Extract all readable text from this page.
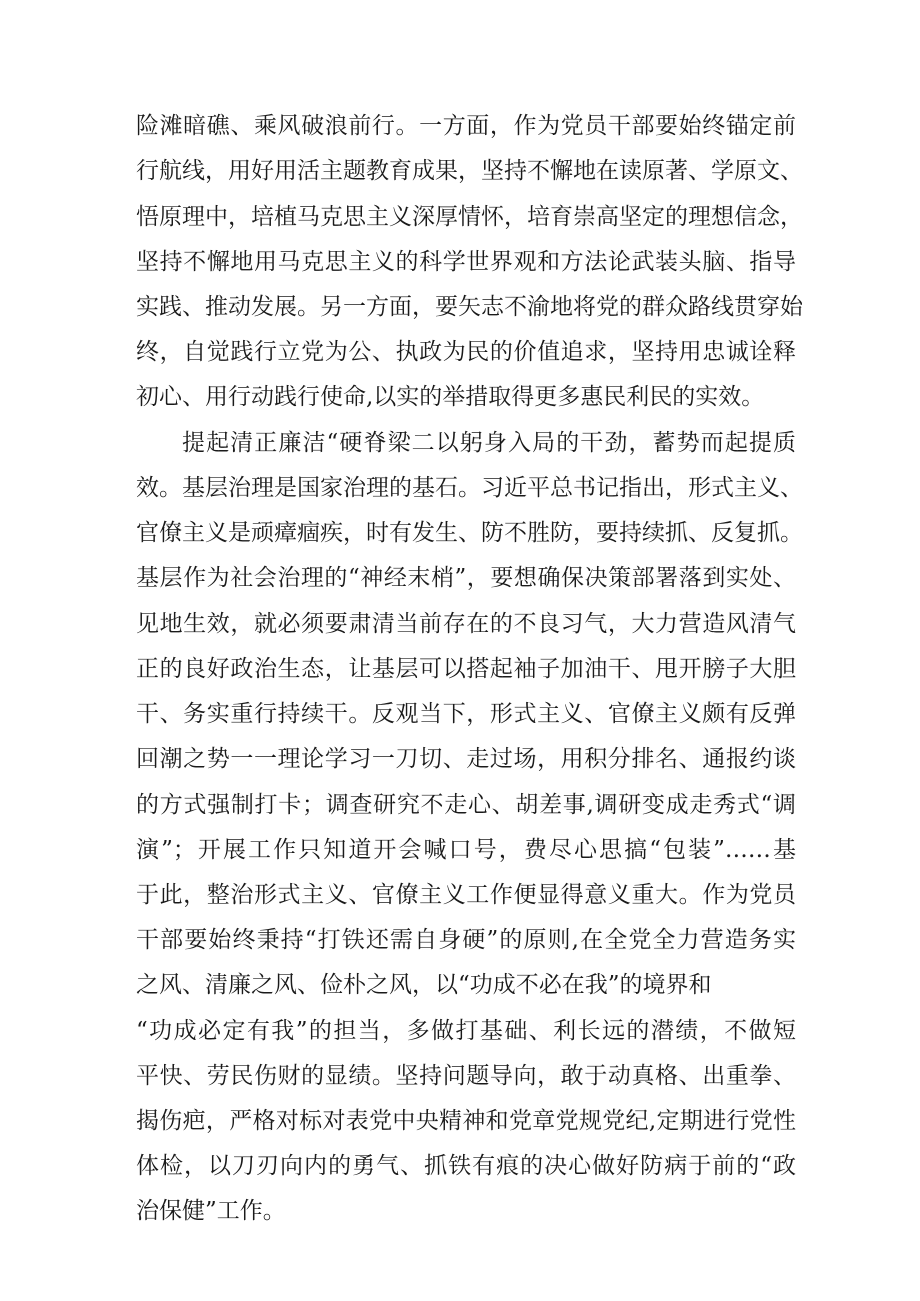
险滩暗礁、乘风破浪前行。一方面，作为党员干部要始终锚定前
行航线，用好用活主题教育成果，坚持不懈地在读原著、学原文、
悟原理中，培植马克思主义深厚情怀，培育崇高坚定的理想信念，
坚持不懈地用马克思主义的科学世界观和方法论武装头脑、指导
实践、推动发展。另一方面，要矢志不渝地将党的群众路线贯穿始
终，自觉践行立党为公、执政为民的价值追求，坚持用忠诚诠释
初心、用行动践行使命,以实的举措取得更多惠民利民的实效。
提起清正廉洁“硬脊梁二以躬身入局的干劲，蓄势而起提质
效。基层治理是国家治理的基石。习近平总书记指出，形式主义、
官僚主义是顽瘴痼疾，时有发生、防不胜防，要持续抓、反复抓。
基层作为社会治理的“神经末梢”，要想确保决策部署落到实处、
见地生效，就必须要肃清当前存在的不良习气，大力营造风清气
正的良好政治生态，让基层可以搭起袖子加油干、甩开膀子大胆
干、务实重行持续干。反观当下，形式主义、官僚主义颇有反弹
回潮之势一一理论学习一刀切、走过场，用积分排名、通报约谈
的方式强制打卡；调查研究不走心、胡差事,调研变成走秀式“调
演”；开展工作只知道开会喊口号，费尽心思搞“包装”……基
于此，整治形式主义、官僚主义工作便显得意义重大。作为党员
干部要始终秉持“打铁还需自身硬”的原则,在全党全力营造务实
之风、清廉之风、俭朴之风，以“功成不必在我”的境界和
“功成必定有我”的担当，多做打基础、利长远的潜绩，不做短
平快、劳民伤财的显绩。坚持问题导向，敢于动真格、出重拳、
揭伤疤，严格对标对表党中央精神和党章党规党纪,定期进行党性
体检，以刀刃向内的勇气、抓铁有痕的决心做好防病于前的“政
治保健”工作。
